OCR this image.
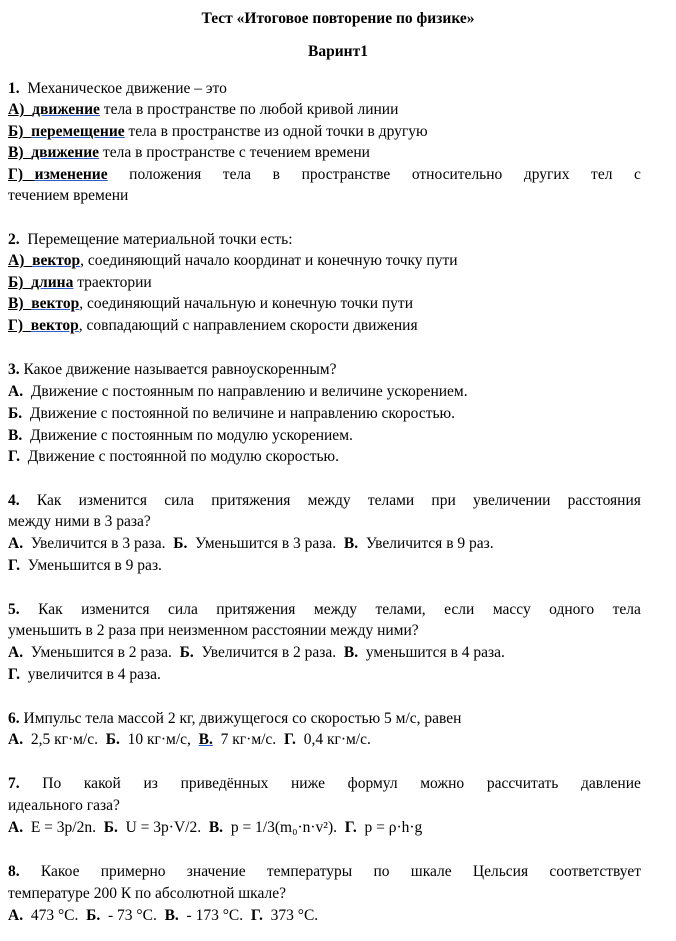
Тест «Итоговое повторение по физике»
Варинт1
1. Механическое движение – это
А) движение тела в пространстве по любой кривой линии
Б) перемещение тела в пространстве из одной точки в другую
В) движение тела в пространстве с течением времени
Г) изменение положения тела в пространстве относительно других тел с
течением времени
2. Перемещение материальной точки есть:
А) вектор, соединяющий начало координат и конечную точку пути
Б) длина траектории
В) вектор, соединяющий начальную и конечную точки пути
Г) вектор, совпадающий с направлением скорости движения
3. Какое движение называется равноускоренным?
А. Движение с постоянным по направлению и величине ускорением.
Б. Движение с постоянной по величине и направлению скоростью.
В. Движение с постоянным по модулю ускорением.
Г. Движение с постоянной по модулю скоростью.
4. Как изменится сила притяжения между телами при увеличении расстояния
между ними в 3 раза?
А. Увеличится в 3 раза. Б. Уменьшится в 3 раза. В. Увеличится в 9 раз.
Г. Уменьшится в 9 раз.
5. Как изменится сила притяжения между телами, если массу одного тела
уменьшить в 2 раза при неизменном расстоянии между ними?
А. Уменьшится в 2 раза. Б. Увеличится в 2 раза. В. уменьшится в 4 раза.
Г. увеличится в 4 раза.
6. Импульс тела массой 2 кг, движущегося со скоростью 5 м/с, равен
А. 2,5 кг·м/с. Б. 10 кг·м/с, В. 7 кг·м/с. Г. 0,4 кг·м/с.
7. По какой из приведённых ниже формул можно рассчитать давление
идеального газа?
А. E = 3p/2n. Б. U = 3p·V/2. В. p = 1/3(m₀·n·v²). Г. p = ρ·h·g
8. Какое примерно значение температуры по шкале Цельсия соответствует
температуре 200 К по абсолютной шкале?
А. 473 °С. Б. - 73 °С. В. - 173 °С. Г. 373 °С.
